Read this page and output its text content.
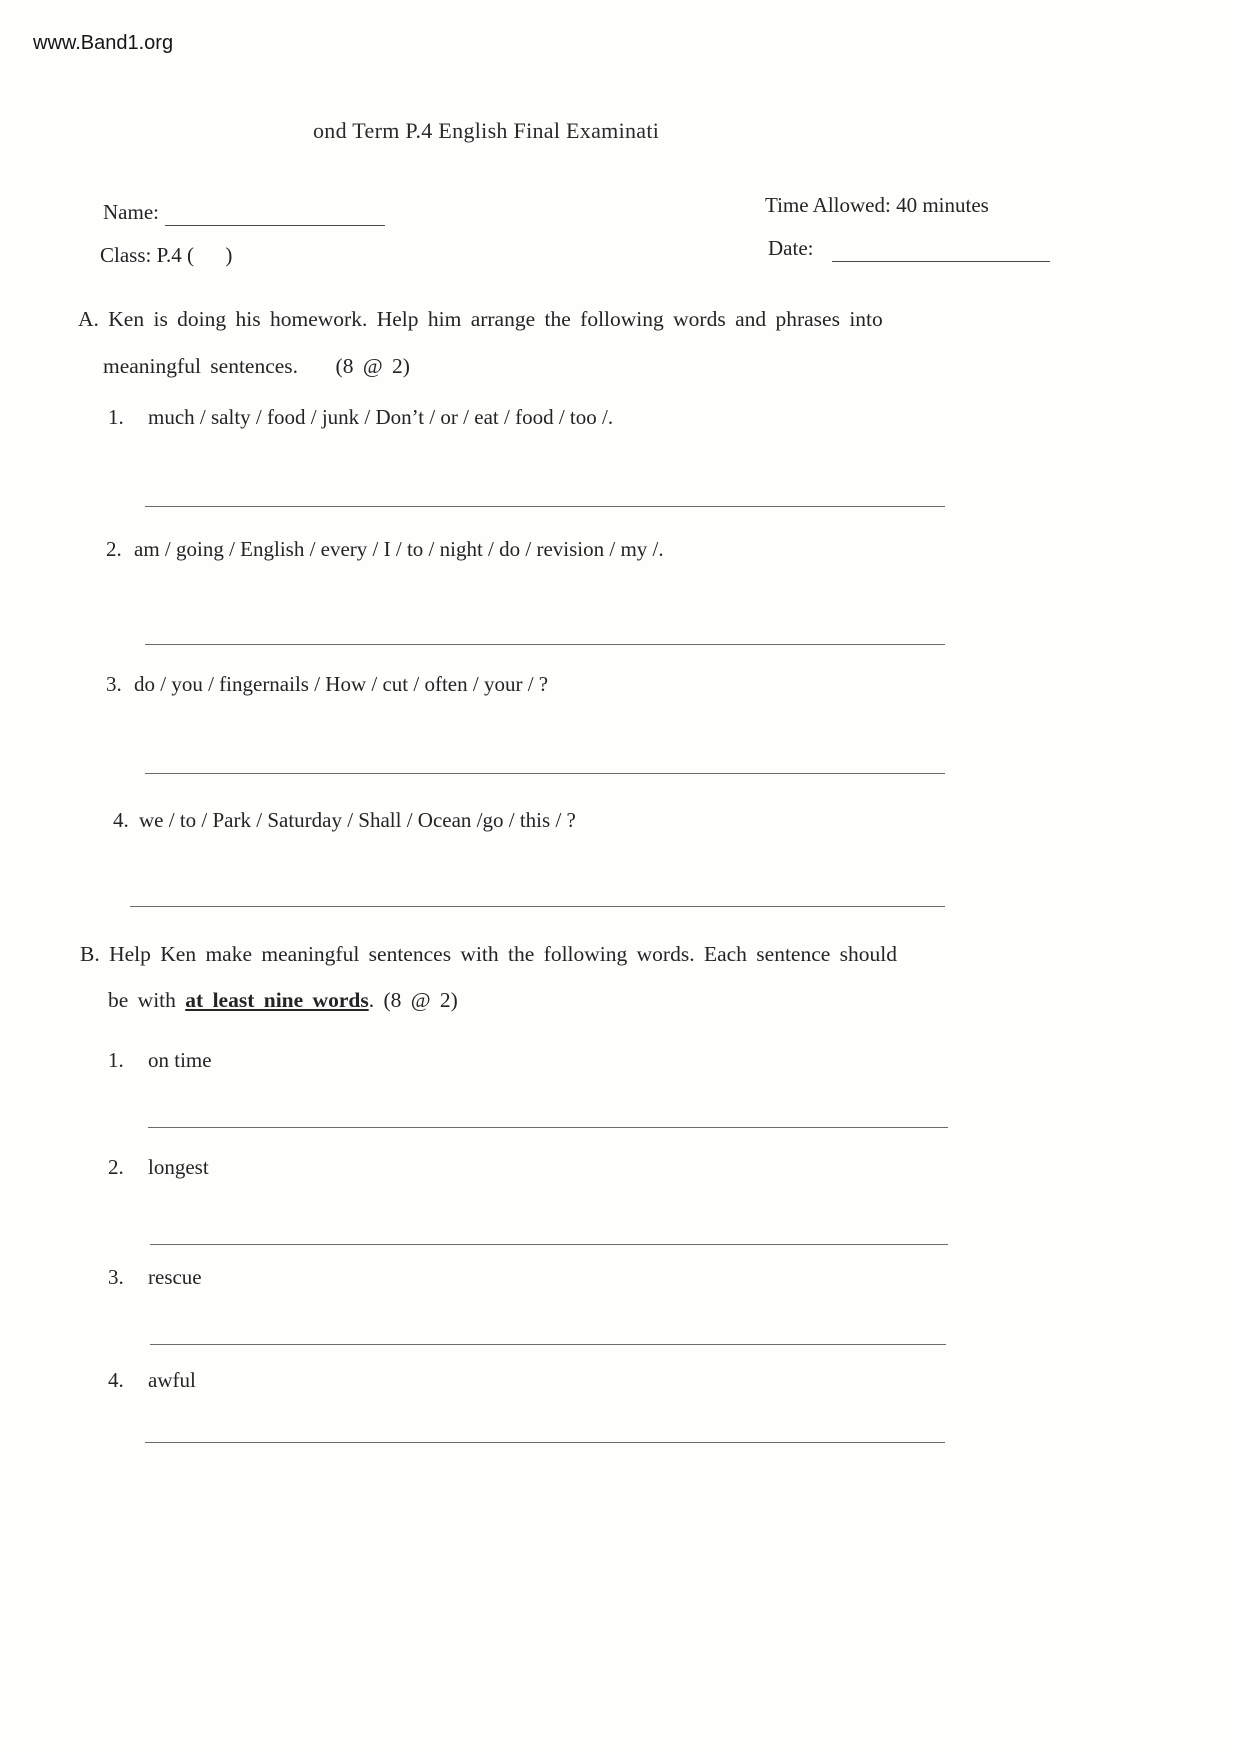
www.Band1.org
ond Term P.4 English Final Examinati
Name:	Time Allowed: 40 minutes
Class: P.4 (      )	Date:
A. Ken is doing his homework. Help him arrange the following words and phrases into
meaningful sentences.    (8 @ 2)
1. much / salty / food / junk / Don’t / or / eat / food / too /.
2. am / going / English / every / I / to / night / do / revision / my /.
3. do / you / fingernails / How / cut / often / your / ?
4. we / to / Park / Saturday / Shall / Ocean /go / this / ?
B. Help Ken make meaningful sentences with the following words. Each sentence should
be with at least nine words. (8 @ 2)
1. on time
2. longest
3. rescue
4. awful
